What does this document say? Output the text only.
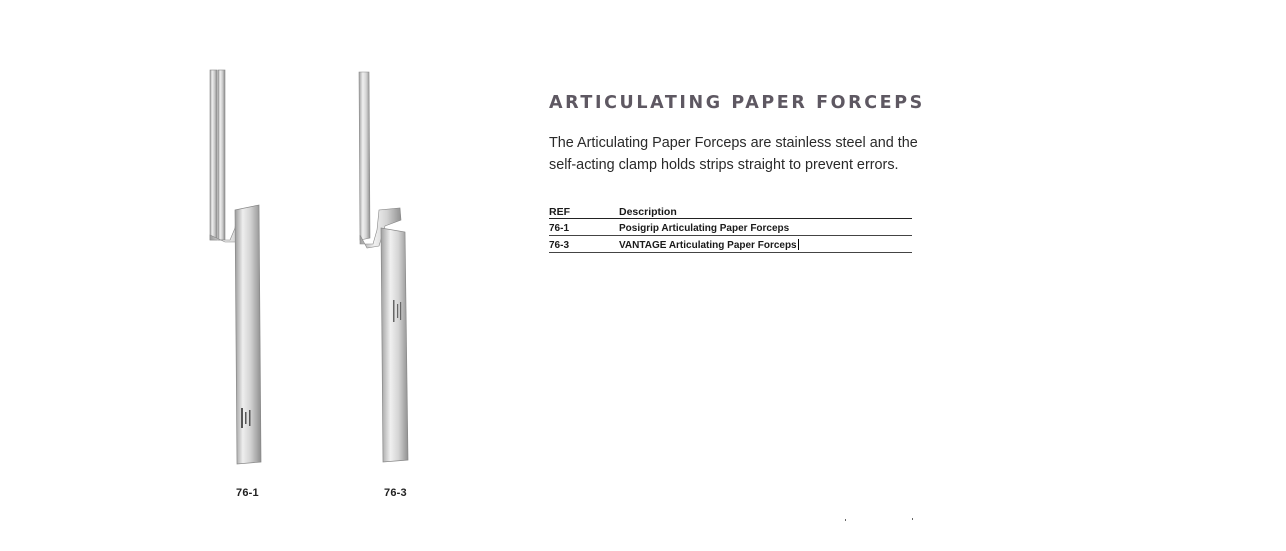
76-1	76-3
ARTICULATING PAPER FORCEPS

The Articulating Paper Forceps are stainless steel and the self-acting clamp holds strips straight to prevent errors.

REF	Description
76-1	Posigrip Articulating Paper Forceps
76-3	VANTAGE Articulating Paper Forceps
